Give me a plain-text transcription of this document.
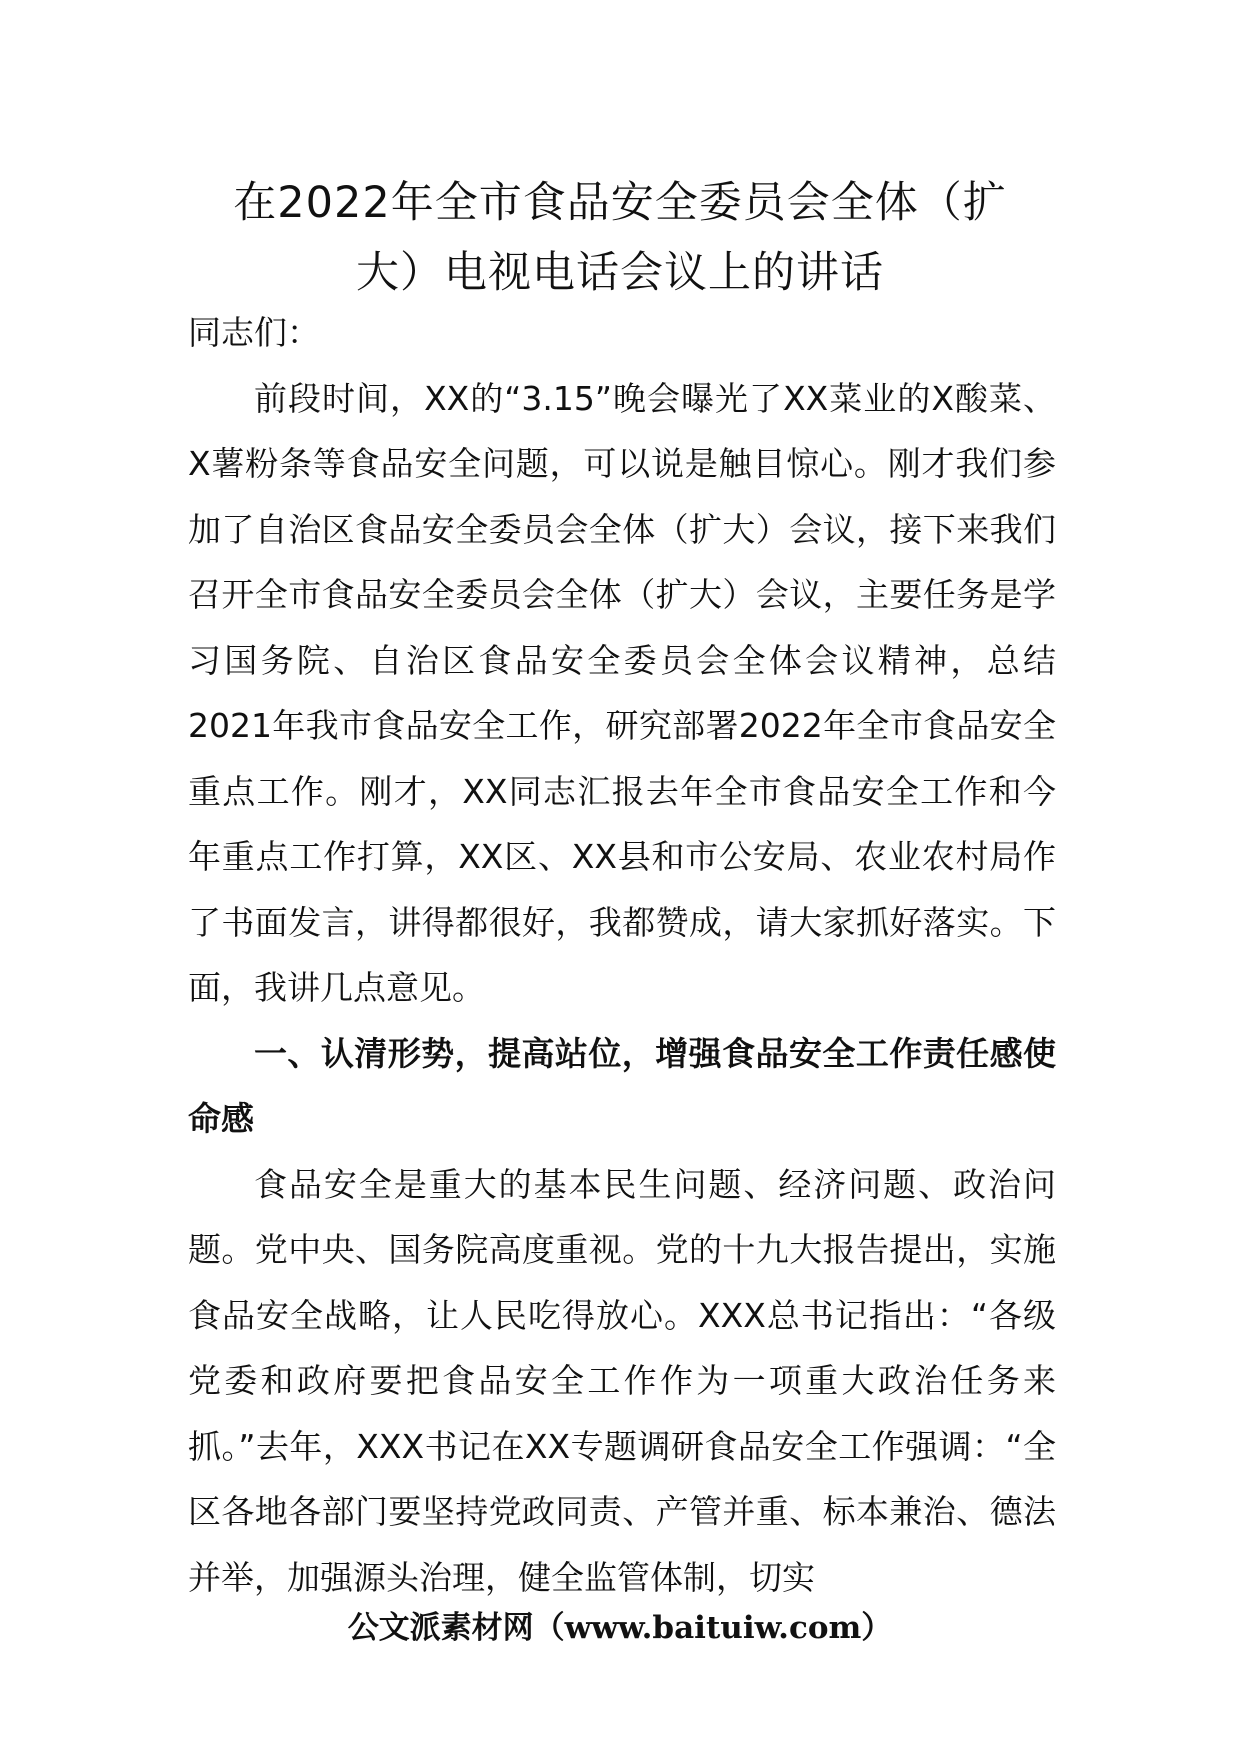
在2022年全市食品安全委员会全体（扩
大）电视电话会议上的讲话

同志们：

前段时间，XX的“3.15”晚会曝光了XX菜业的X酸菜、X薯粉条等食品安全问题，可以说是触目惊心。刚才我们参加了自治区食品安全委员会全体（扩大）会议，接下来我们召开全市食品安全委员会全体（扩大）会议，主要任务是学习国务院、自治区食品安全委员会全体会议精神，总结2021年我市食品安全工作，研究部署2022年全市食品安全重点工作。刚才，XX同志汇报去年全市食品安全工作和今年重点工作打算，XX区、XX县和市公安局、农业农村局作了书面发言，讲得都很好，我都赞成，请大家抓好落实。下面，我讲几点意见。

一、认清形势，提高站位，增强食品安全工作责任感使命感

食品安全是重大的基本民生问题、经济问题、政治问题。党中央、国务院高度重视。党的十九大报告提出，实施食品安全战略，让人民吃得放心。XXX总书记指出：“各级党委和政府要把食品安全工作作为一项重大政治任务来抓。”去年，XXX书记在XX专题调研食品安全工作强调：“全区各地各部门要坚持党政同责、产管并重、标本兼治、德法并举，加强源头治理，健全监管体制，切实

公文派素材网（www.baituiw.com）
